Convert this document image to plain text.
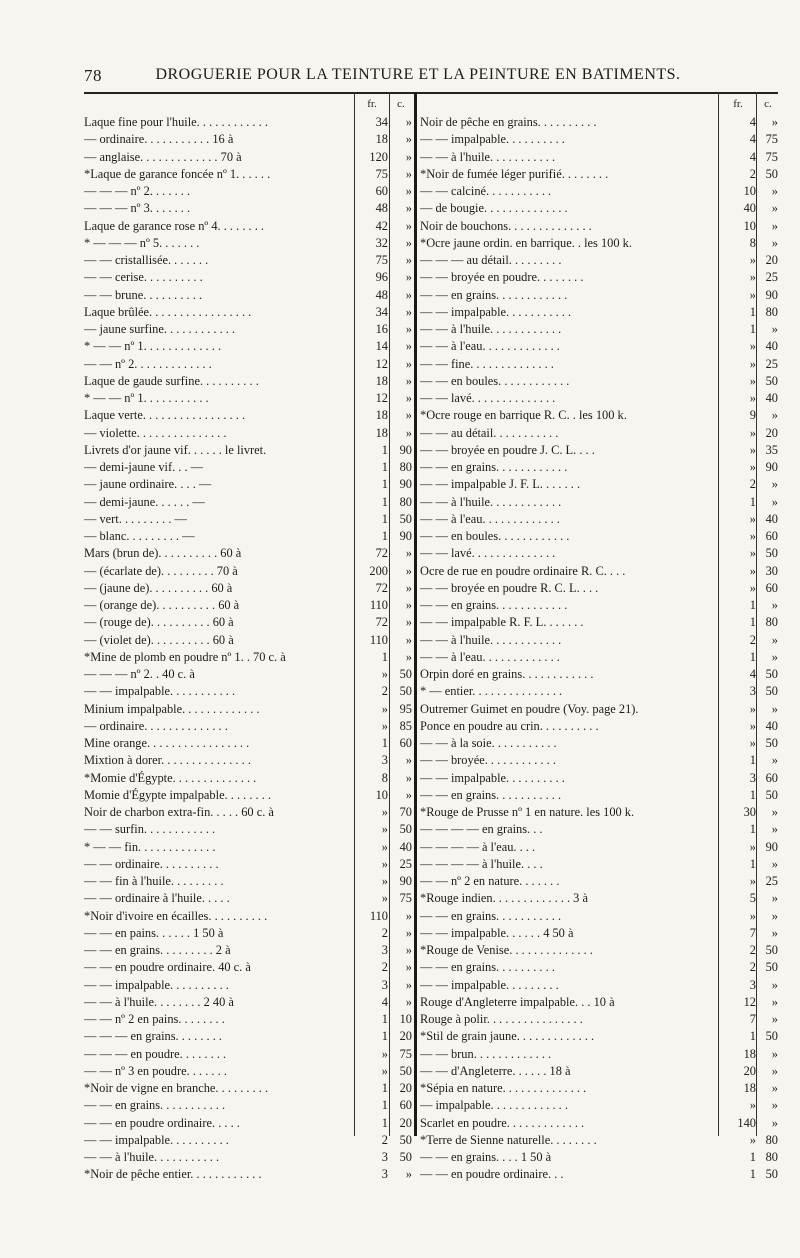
78	DROGUERIE POUR LA TEINTURE ET LA PEINTURE EN BATIMENTS.
fr.	c.
Laque fine pour l'huile. . . . . . . . . . . .	34	»
— ordinaire. . . . . . . . . . . 16 à	18	»
— anglaise. . . . . . . . . . . . . 70 à	120	»
*Laque de garance foncée nº 1. . . . . .	75	»
— — — nº 2. . . . . . .	60	»
— — — nº 3. . . . . . .	48	»
Laque de garance rose nº 4. . . . . . . .	42	»
* — — — nº 5. . . . . . .	32	»
— — cristallisée. . . . . . .	75	»
— — cerise. . . . . . . . . .	96	»
— — brune. . . . . . . . . .	48	»
Laque brûlée. . . . . . . . . . . . . . . . .	34	»
— jaune surfine. . . . . . . . . . . .	16	»
* — — nº 1. . . . . . . . . . . . .	14	»
— — nº 2. . . . . . . . . . . . .	12	»
Laque de gaude surfine. . . . . . . . . .	18	»
* — — nº 1. . . . . . . . . . .	12	»
Laque verte. . . . . . . . . . . . . . . . .	18	»
— violette. . . . . . . . . . . . . . .	18	»
Livrets d'or jaune vif. . . . . . le livret.	1 90
— demi-jaune vif. . . —	1 80
— jaune ordinaire. . . . —	1 90
— demi-jaune. . . . . . —	1 80
— vert. . . . . . . . . —	1 50
— blanc. . . . . . . . . —	1 90
Mars (brun de). . . . . . . . . . 60 à	72	»
— (écarlate de). . . . . . . . . 70 à	200	»
— (jaune de). . . . . . . . . . 60 à	72	»
— (orange de). . . . . . . . . . 60 à	110	»
— (rouge de). . . . . . . . . . 60 à	72	»
— (violet de). . . . . . . . . . 60 à	110	»
*Mine de plomb en poudre nº 1. . 70 c. à	1	»
— — — nº 2. . 40 c. à	» 50
— — impalpable. . . . . . . . . . .	2 50
Minium impalpable. . . . . . . . . . . . .	» 95
— ordinaire. . . . . . . . . . . . . .	» 85
Mine orange. . . . . . . . . . . . . . . . .	1 60
Mixtion à dorer. . . . . . . . . . . . . . .	3	»
*Momie d'Égypte. . . . . . . . . . . . . .	8	»
Momie d'Égypte impalpable. . . . . . . .	10	»
Noir de charbon extra-fin. . . . . 60 c. à	» 70
— — surfin. . . . . . . . . . . .	» 50
* — — fin. . . . . . . . . . . . .	» 40
— — ordinaire. . . . . . . . . .	» 25
— — fin à l'huile. . . . . . . . .	» 90
— — ordinaire à l'huile. . . . .	» 75
*Noir d'ivoire en écailles. . . . . . . . . .	110	»
— — en pains. . . . . . 1 50 à	2	»
— — en grains. . . . . . . . . 2 à	3	»
— — en poudre ordinaire. 40 c. à	2	»
— — impalpable. . . . . . . . . .	3	»
— — à l'huile. . . . . . . . 2 40 à	4	»
— — nº 2 en pains. . . . . . . .	1 10
— — — en grains. . . . . . . .	1 20
— — — en poudre. . . . . . . .	» 75
— — nº 3 en poudre. . . . . . .	» 50
*Noir de vigne en branche. . . . . . . . .	1 20
— — en grains. . . . . . . . . . .	1 60
— — en poudre ordinaire. . . . .	1 20
— — impalpable. . . . . . . . . .	2 50
— — à l'huile. . . . . . . . . . .	3 50
*Noir de pêche entier. . . . . . . . . . . .	3	»
fr.	c.
Noir de pêche en grains. . . . . . . . . .	4	»
— — impalpable. . . . . . . . . .	4 75
— — à l'huile. . . . . . . . . . .	4 75
*Noir de fumée léger purifié. . . . . . . .	2 50
— — calciné. . . . . . . . . . .	10	»
— de bougie. . . . . . . . . . . . . .	40	»
Noir de bouchons. . . . . . . . . . . . . .	10	»
*Ocre jaune ordin. en barrique. . les 100 k.	8	»
— — — au détail. . . . . . . . .	» 20
— — broyée en poudre. . . . . . . .	» 25
— — en grains. . . . . . . . . . . .	» 90
— — impalpable. . . . . . . . . . .	1 80
— — à l'huile. . . . . . . . . . . .	1	»
— — à l'eau. . . . . . . . . . . . .	» 40
— — fine. . . . . . . . . . . . . .	» 25
— — en boules. . . . . . . . . . . .	» 50
— — lavé. . . . . . . . . . . . . .	» 40
*Ocre rouge en barrique R. C. . les 100 k.	9	»
— — au détail. . . . . . . . . . .	» 20
— — broyée en poudre J. C. L. . . .	» 35
— — en grains. . . . . . . . . . . .	» 90
— — impalpable J. F. L. . . . . . .	2	»
— — à l'huile. . . . . . . . . . . .	1	»
— — à l'eau. . . . . . . . . . . . .	» 40
— — en boules. . . . . . . . . . . .	» 60
— — lavé. . . . . . . . . . . . . .	» 50
Ocre de rue en poudre ordinaire R. C. . . .	» 30
— — broyée en poudre R. C. L. . . .	» 60
— — en grains. . . . . . . . . . . .	1	»
— — impalpable R. F. L. . . . . . .	1 80
— — à l'huile. . . . . . . . . . . .	2	»
— — à l'eau. . . . . . . . . . . . .	1	»
Orpin doré en grains. . . . . . . . . . . .	4 50
* — entier. . . . . . . . . . . . . . .	3 50
Outremer Guimet en poudre (Voy. page 21).	»	»
Ponce en poudre au crin. . . . . . . . . .	» 40
— — à la soie. . . . . . . . . . .	» 50
— — broyée. . . . . . . . . . . .	1	»
— — impalpable. . . . . . . . . .	3 60
— — en grains. . . . . . . . . . .	1 50
*Rouge de Prusse nº 1 en nature. les 100 k.	30	»
— — — — en grains. . .	1	»
— — — — à l'eau. . . .	» 90
— — — — à l'huile. . . .	1	»
— — nº 2 en nature. . . . . . .	» 25
*Rouge indien. . . . . . . . . . . . . 3 à	5	»
— — en grains. . . . . . . . . . .	»	»
— — impalpable. . . . . . 4 50 à	7	»
*Rouge de Venise. . . . . . . . . . . . . .	2 50
— — en grains. . . . . . . . . .	2 50
— — impalpable. . . . . . . . .	3	»
Rouge d'Angleterre impalpable. . . 10 à	12	»
Rouge à polir. . . . . . . . . . . . . . . .	7	»
*Stil de grain jaune. . . . . . . . . . . . .	1 50
— — brun. . . . . . . . . . . . .	18	»
— — d'Angleterre. . . . . . 18 à	20	»
*Sépia en nature. . . . . . . . . . . . . .	18	»
— impalpable. . . . . . . . . . . . .	»	»
Scarlet en poudre. . . . . . . . . . . . .	140	»
*Terre de Sienne naturelle. . . . . . . .	» 80
— — en grains. . . . 1 50 à	1 80
— — en poudre ordinaire. . .	1 50
